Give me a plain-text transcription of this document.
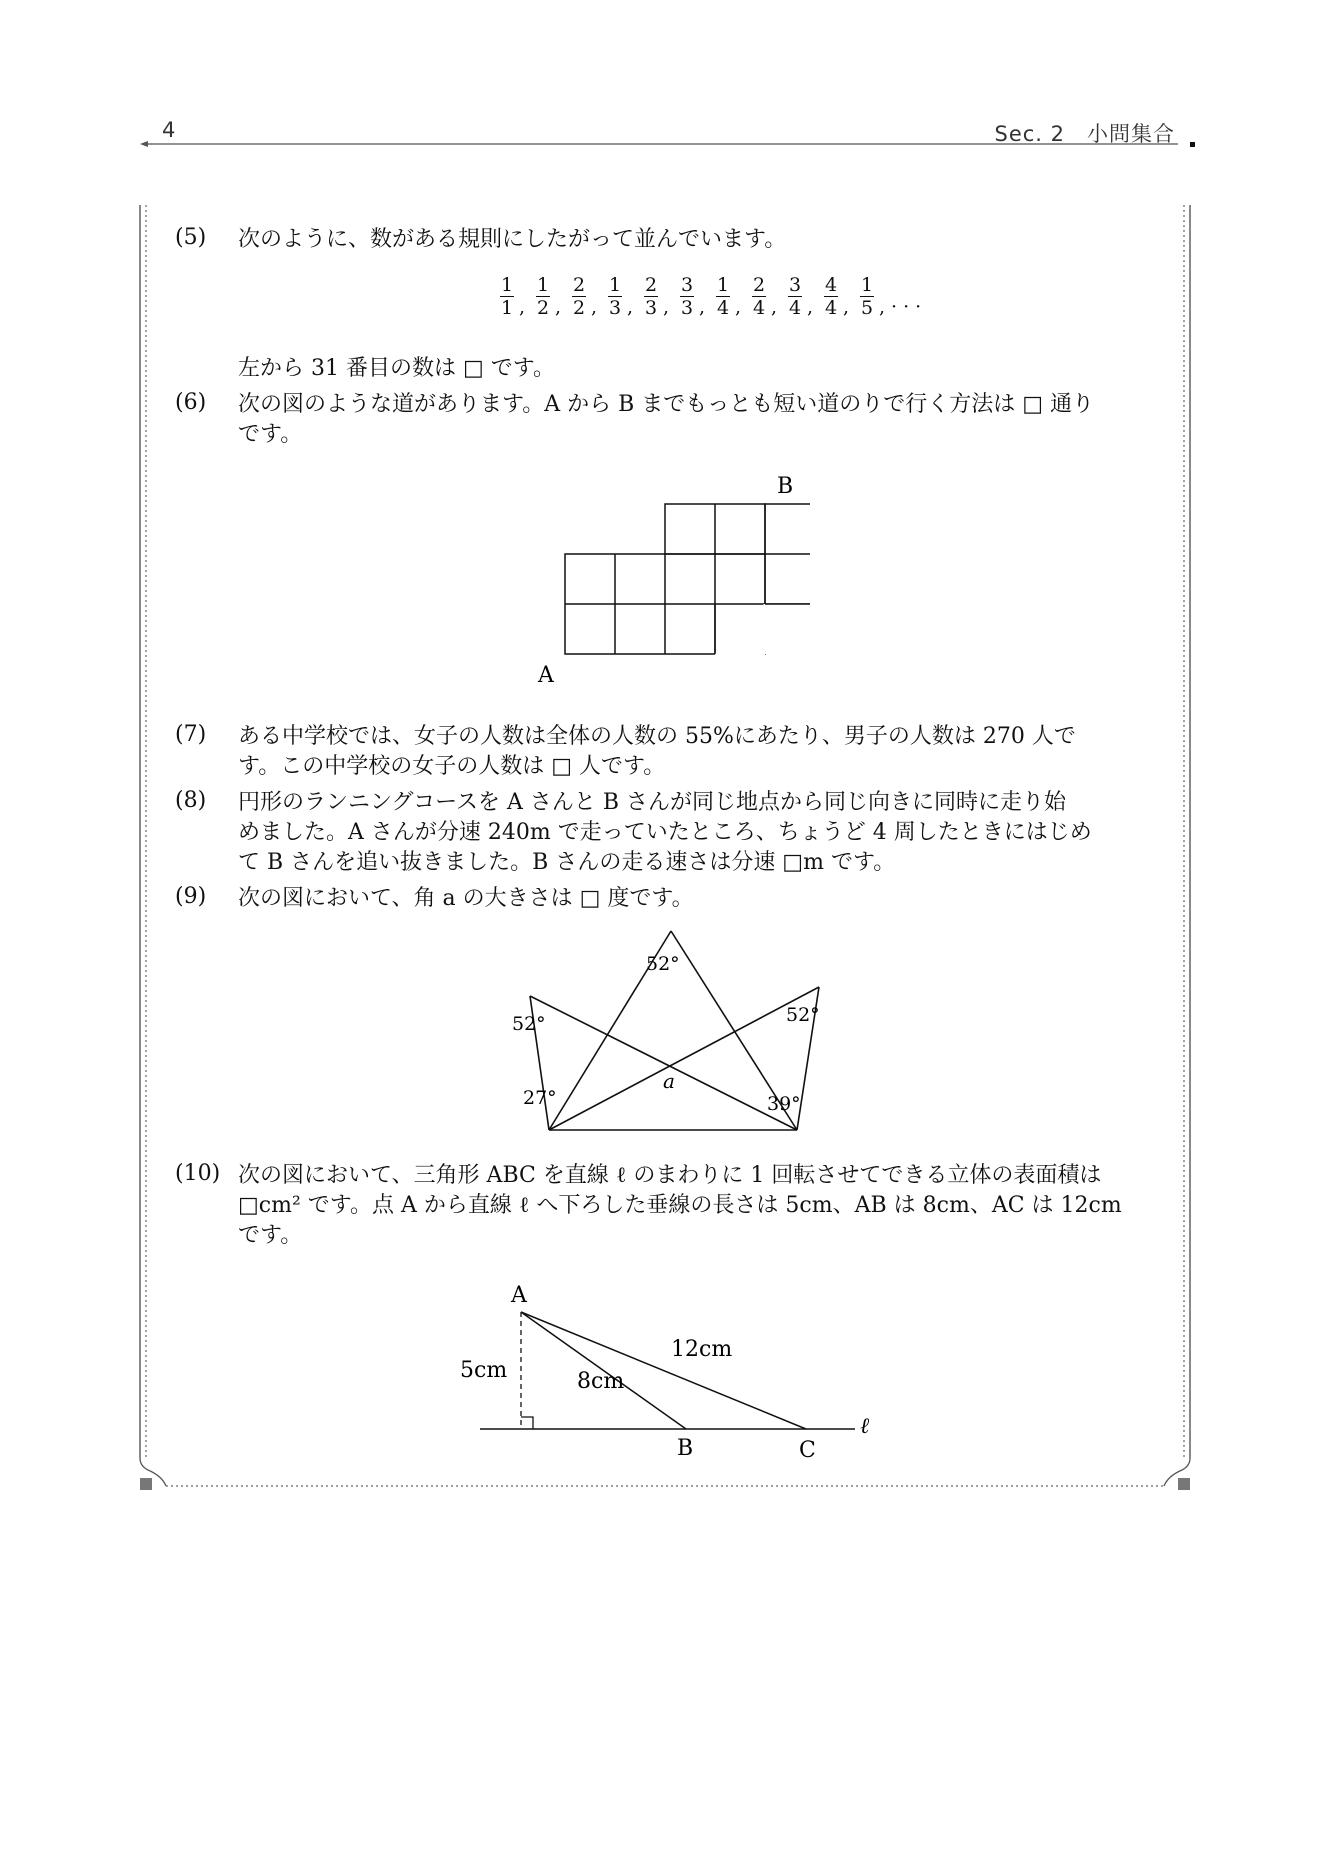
4	Sec. 2　小問集合
(5) 次のように、数がある規則にしたがって並んでいます。
$\frac{1}{1}$ , $\frac{1}{2}$ , $\frac{2}{2}$ , $\frac{1}{3}$ , $\frac{2}{3}$ , $\frac{3}{3}$ , $\frac{1}{4}$ , $\frac{2}{4}$ , $\frac{3}{4}$ , $\frac{4}{4}$ , $\frac{1}{5}$ , · · ·
左から 31 番目の数は □ です。
(6) 次の図のような道があります。A から B までもっとも短い道のりで行く方法は □ 通り
です。
A
B
(7) ある中学校では、女子の人数は全体の人数の 55%にあたり、男子の人数は 270 人で
す。この中学校の女子の人数は □ 人です。
(8) 円形のランニングコースを A さんと B さんが同じ地点から同じ向きに同時に走り始
めました。A さんが分速 240m で走っていたところ、ちょうど 4 周したときにはじめ
て B さんを追い抜きました。B さんの走る速さは分速 □m です。
(9) 次の図において、角 a の大きさは □ 度です。
52°
52°	52°
27°	39°
a
(10) 次の図において、三角形 ABC を直線 ℓ のまわりに 1 回転させてできる立体の表面積は
□cm² です。点 A から直線 ℓ へ下ろした垂線の長さは 5cm、AB は 8cm、AC は 12cm
です。
A
B	C
ℓ
5cm	8cm
12cm
